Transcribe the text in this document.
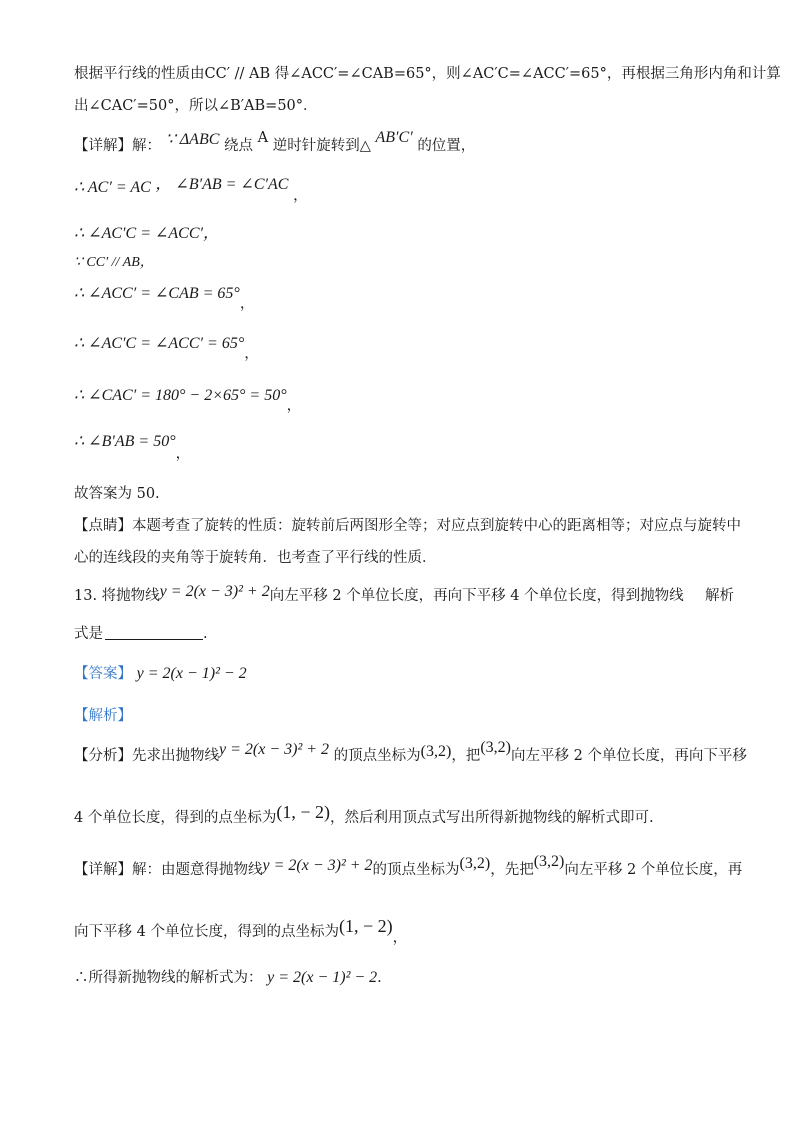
根据平行线的性质由CC′ // AB 得∠ACC′=∠CAB=65°，则∠AC′C=∠ACC′=65°，再根据三角形内角和计算
出∠CAC′=50°，所以∠B′AB=50°．
【详解】解： ∵ ΔABC 绕点 A 逆时针旋转到△ AB′C′ 的位置，
∴ AC′ = AC ， ∠B′AB = ∠C′AC ，
∴ ∠AC′C = ∠ACC′，
∵ CC′ // AB，
∴ ∠ACC′ = ∠CAB = 65°，
∴ ∠AC′C = ∠ACC′ = 65°，
∴ ∠CAC′ = 180° − 2×65° = 50°，
∴ ∠B′AB = 50°，
故答案为 50.
【点睛】本题考查了旋转的性质：旋转前后两图形全等；对应点到旋转中心的距离相等；对应点与旋转中
心的连线段的夹角等于旋转角．也考查了平行线的性质．
13. 将抛物线y = 2(x − 3)² + 2向左平移 2 个单位长度，再向下平移 4 个单位长度，得到抛物线 解析
式是	.
【答案】 y = 2(x − 1)² − 2
【解析】
【分析】先求出抛物线y = 2(x − 3)² + 2 的顶点坐标为(3,2)，把(3,2)向左平移 2 个单位长度，再向下平移
4 个单位长度，得到的点坐标为(1, − 2)，然后利用顶点式写出所得新抛物线的解析式即可.
【详解】解：由题意得抛物线y = 2(x − 3)² + 2的顶点坐标为(3,2)，先把(3,2)向左平移 2 个单位长度，再
向下平移 4 个单位长度，得到的点坐标为(1, − 2)，
∴所得新抛物线的解析式为： y = 2(x − 1)² − 2.
